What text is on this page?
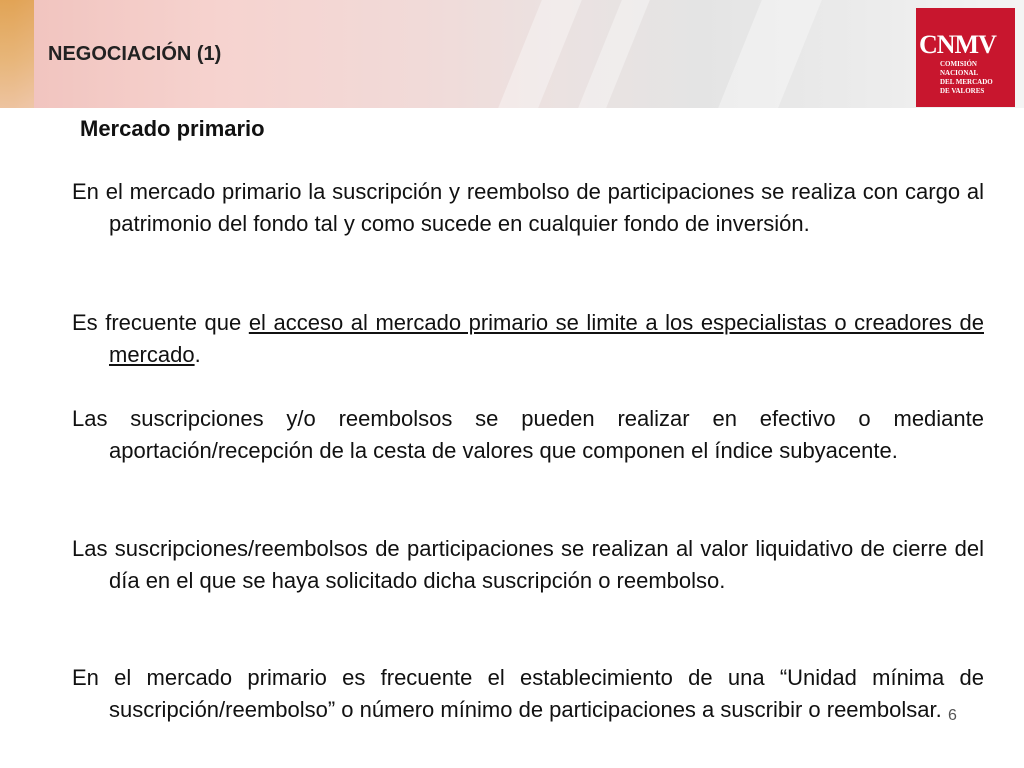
NEGOCIACIÓN (1)	CNMV
COMISIÓN
NACIONAL
DEL MERCADO
DE VALORES
Mercado primario
En el mercado primario la suscripción y reembolso de participaciones se realiza con cargo al patrimonio del fondo tal y como sucede en cualquier fondo de inversión.
Es frecuente que el acceso al mercado primario se limite a los especialistas o creadores de mercado.
Las suscripciones y/o reembolsos se pueden realizar en efectivo o mediante aportación/recepción de la cesta de valores que componen el índice subyacente.
Las suscripciones/reembolsos de participaciones se realizan al valor liquidativo de cierre del día en el que se haya solicitado dicha suscripción o reembolso.
En el mercado primario es frecuente el establecimiento de una “Unidad mínima de suscripción/reembolso” o número mínimo de participaciones a suscribir o reembolsar. 6
